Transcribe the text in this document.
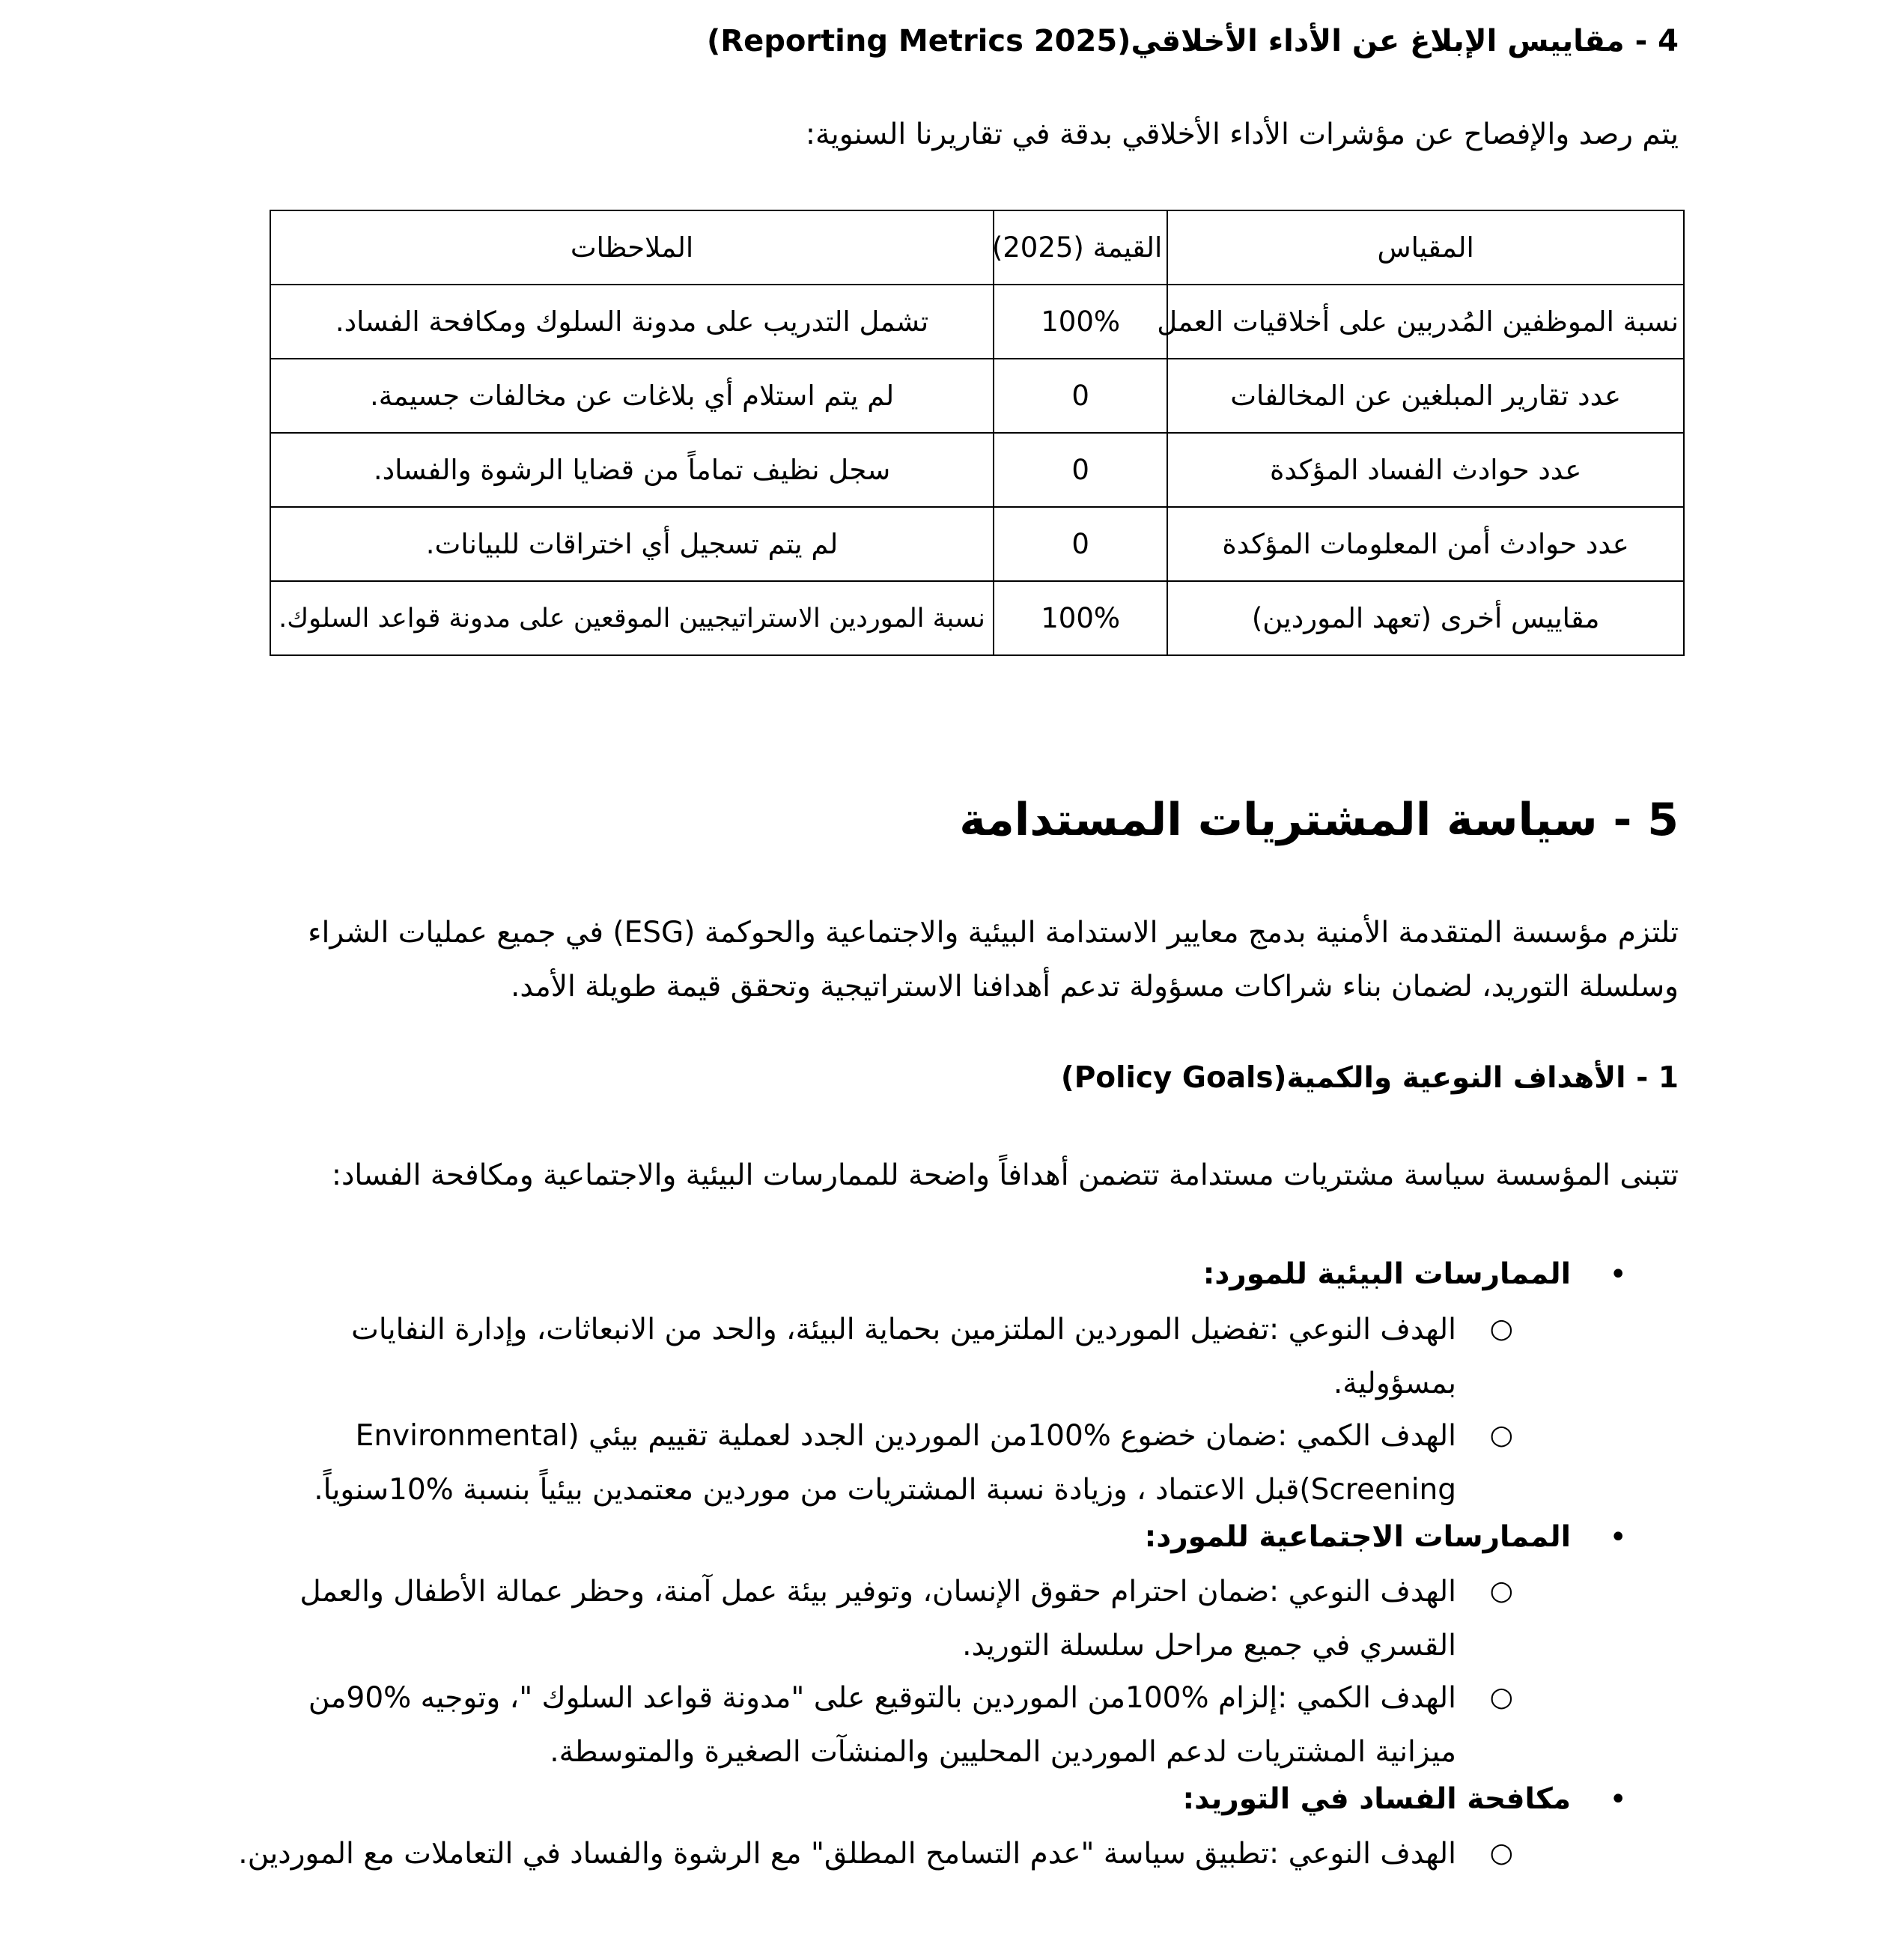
4 - مقاييس الإبلاغ عن الأداء الأخلاقي(Reporting Metrics 2025)
يتم رصد والإفصاح عن مؤشرات الأداء الأخلاقي بدقة في تقاريرنا السنوية:
المقياس	القيمة (2025)	الملاحظات
نسبة الموظفين المُدربين على أخلاقيات العمل	100%	تشمل التدريب على مدونة السلوك ومكافحة الفساد.
عدد تقارير المبلغين عن المخالفات	0	لم يتم استلام أي بلاغات عن مخالفات جسيمة.
عدد حوادث الفساد المؤكدة	0	سجل نظيف تماماً من قضايا الرشوة والفساد.
عدد حوادث أمن المعلومات المؤكدة	0	لم يتم تسجيل أي اختراقات للبيانات.
مقاييس أخرى (تعهد الموردين)	100%	نسبة الموردين الاستراتيجيين الموقعين على مدونة قواعد السلوك.
5 - سياسة المشتريات المستدامة
تلتزم مؤسسة المتقدمة الأمنية بدمج معايير الاستدامة البيئية والاجتماعية والحوكمة (ESG) في جميع عمليات الشراء وسلسلة التوريد، لضمان بناء شراكات مسؤولة تدعم أهدافنا الاستراتيجية وتحقق قيمة طويلة الأمد.
1 - الأهداف النوعية والكمية(Policy Goals)
تتبنى المؤسسة سياسة مشتريات مستدامة تتضمن أهدافاً واضحة للممارسات البيئية والاجتماعية ومكافحة الفساد:
•
الممارسات البيئية للمورد:
○
الهدف النوعي :تفضيل الموردين الملتزمين بحماية البيئة، والحد من الانبعاثات، وإدارة النفايات بمسؤولية.
○
الهدف الكمي :ضمان خضوع %100من الموردين الجدد لعملية تقييم بيئي (Environmental Screening)قبل الاعتماد ، وزيادة نسبة المشتريات من موردين معتمدين بيئياً بنسبة %10سنوياً.
•
الممارسات الاجتماعية للمورد:
○
الهدف النوعي :ضمان احترام حقوق الإنسان، وتوفير بيئة عمل آمنة، وحظر عمالة الأطفال والعمل القسري في جميع مراحل سلسلة التوريد.
○
الهدف الكمي :إلزام %100من الموردين بالتوقيع على "مدونة قواعد السلوك "، وتوجيه %90من ميزانية المشتريات لدعم الموردين المحليين والمنشآت الصغيرة والمتوسطة.
•
مكافحة الفساد في التوريد:
○
الهدف النوعي :تطبيق سياسة "عدم التسامح المطلق" مع الرشوة والفساد في التعاملات مع الموردين.
